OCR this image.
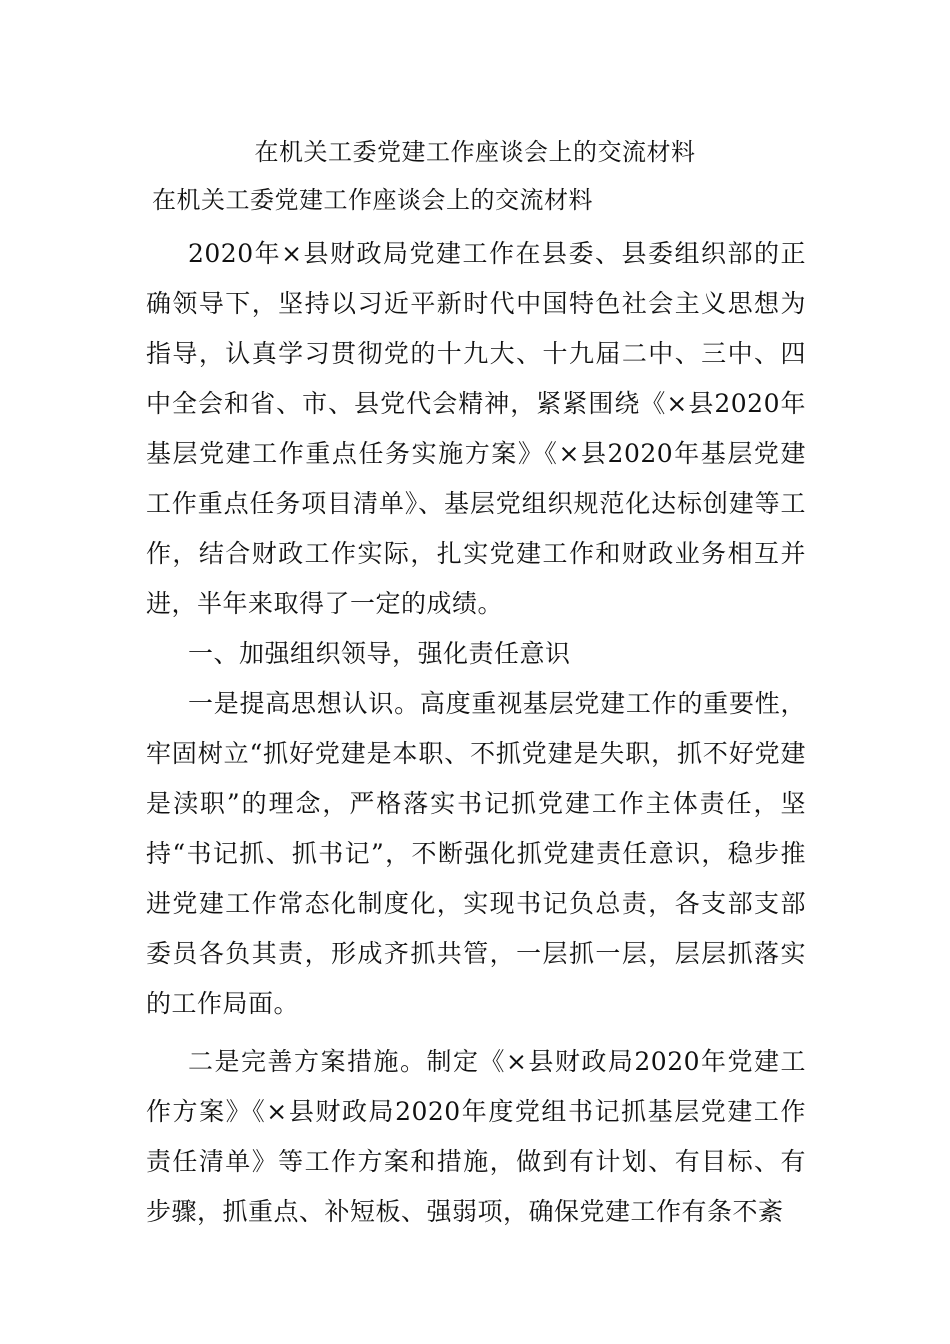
在机关工委党建工作座谈会上的交流材料
在机关工委党建工作座谈会上的交流材料

2020年×县财政局党建工作在县委、县委组织部的正确领导下，坚持以习近平新时代中国特色社会主义思想为指导，认真学习贯彻党的十九大、十九届二中、三中、四中全会和省、市、县党代会精神，紧紧围绕《×县2020年基层党建工作重点任务实施方案》《×县2020年基层党建工作重点任务项目清单》、基层党组织规范化达标创建等工作，结合财政工作实际，扎实党建工作和财政业务相互并进，半年来取得了一定的成绩。

一、加强组织领导，强化责任意识

一是提高思想认识。高度重视基层党建工作的重要性，牢固树立“抓好党建是本职、不抓党建是失职，抓不好党建是渎职”的理念，严格落实书记抓党建工作主体责任，坚持“书记抓、抓书记”，不断强化抓党建责任意识，稳步推进党建工作常态化制度化，实现书记负总责，各支部支部委员各负其责，形成齐抓共管，一层抓一层，层层抓落实的工作局面。

二是完善方案措施。制定《×县财政局2020年党建工作方案》《×县财政局2020年度党组书记抓基层党建工作责任清单》等工作方案和措施，做到有计划、有目标、有步骤，抓重点、补短板、强弱项，确保党建工作有条不紊
